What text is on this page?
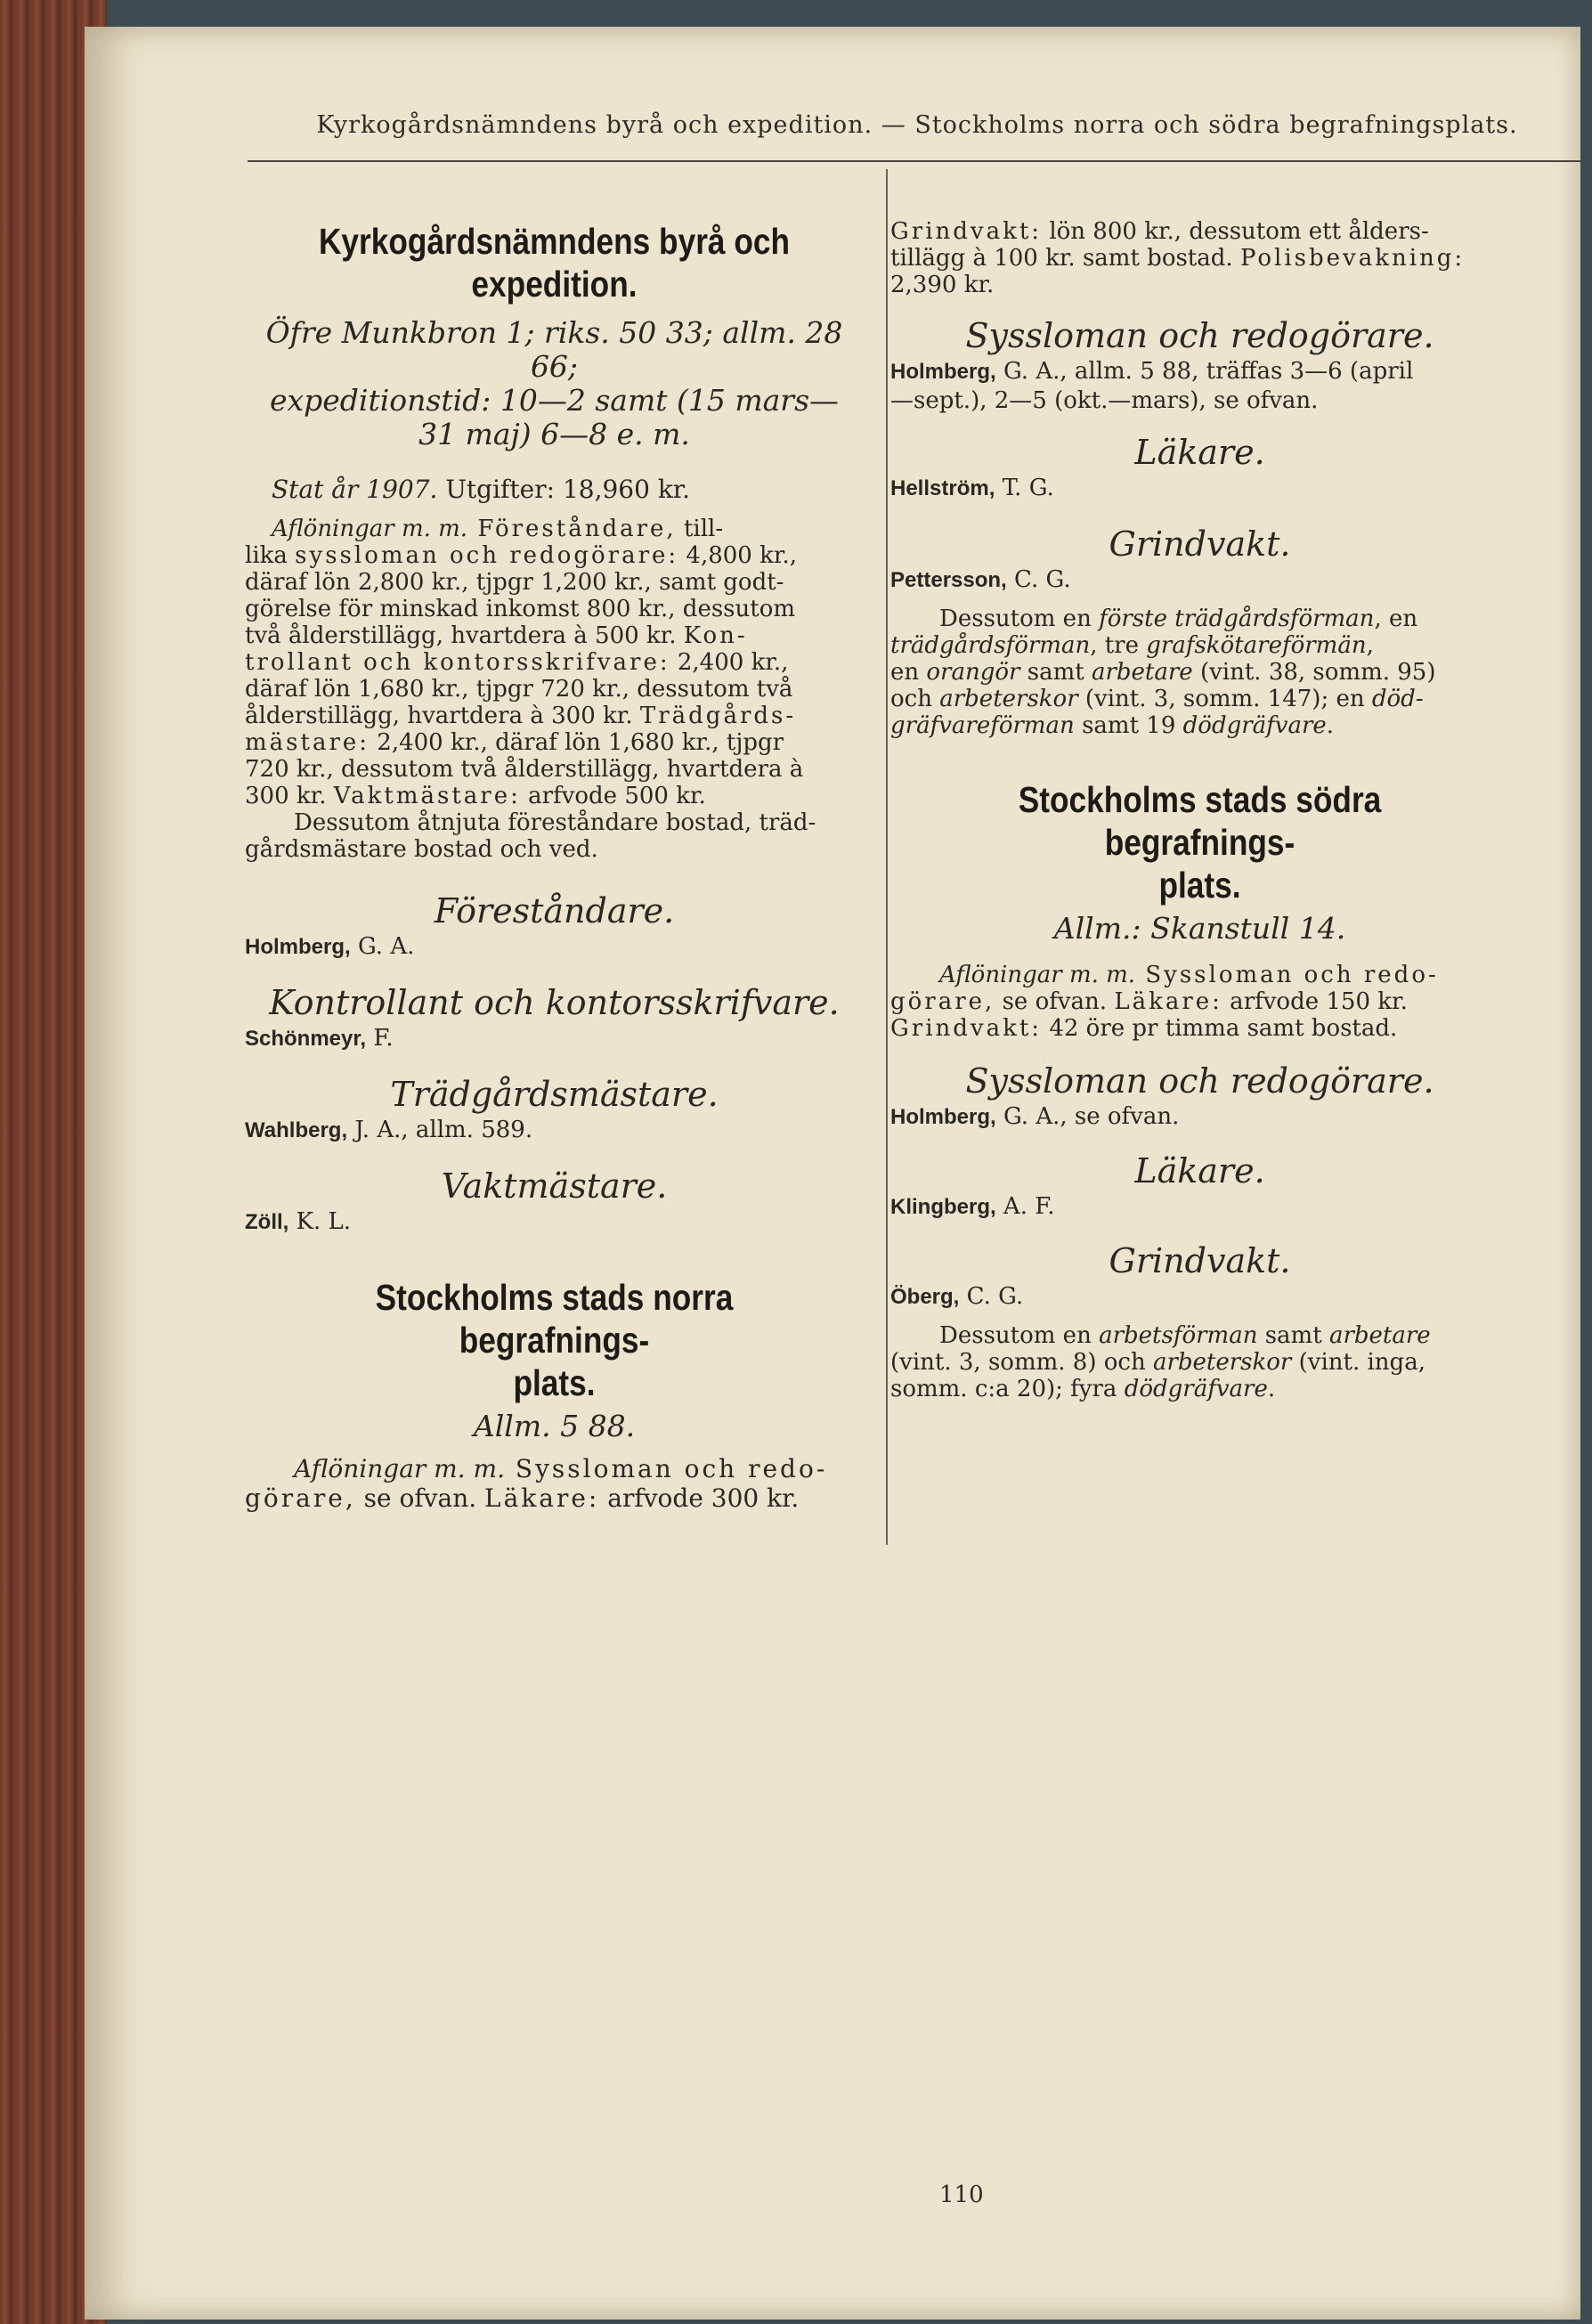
Kyrkogårdsnämndens byrå och expedition. — Stockholms norra och södra begrafningsplats.
Kyrkogårdsnämndens byrå och
expedition.

Öfre Munkbron 1; riks. 50 33; allm. 28 66;
expeditionstid: 10—2 samt (15 mars—
31 maj) 6—8 e. m.

Stat år 1907. Utgifter: 18,960 kr.

Aflöningar m. m. Föreståndare, till-
lika syssloman och redogörare: 4,800 kr.,
däraf lön 2,800 kr., tjpgr 1,200 kr., samt godt-
görelse för minskad inkomst 800 kr., dessutom
två ålderstillägg, hvartdera à 500 kr. Kon-
trollant och kontorsskrifvare: 2,400 kr.,
däraf lön 1,680 kr., tjpgr 720 kr., dessutom två
ålderstillägg, hvartdera à 300 kr. Trädgårds-
mästare: 2,400 kr., däraf lön 1,680 kr., tjpgr
720 kr., dessutom två ålderstillägg, hvartdera à
300 kr. Vaktmästare: arfvode 500 kr.

Dessutom åtnjuta föreståndare bostad, träd-
gårdsmästare bostad och ved.

Föreståndare.

Holmberg, G. A.

Kontrollant och kontorsskrifvare.

Schönmeyr, F.

Trädgårdsmästare.

Wahlberg, J. A., allm. 589.

Vaktmästare.

Zöll, K. L.

Stockholms stads norra begrafnings-
plats.

Allm. 5 88.

Aflöningar m. m. Syssloman och redo-
görare, se ofvan. Läkare: arfvode 300 kr.

Grindvakt: lön 800 kr., dessutom ett ålders-
tillägg à 100 kr. samt bostad. Polisbevakning:
2,390 kr.

Syssloman och redogörare.

Holmberg, G. A., allm. 5 88, träffas 3—6 (april
—sept.), 2—5 (okt.—mars), se ofvan.

Läkare.

Hellström, T. G.

Grindvakt.

Pettersson, C. G.

Dessutom en förste trädgårdsförman, en
trädgårdsförman, tre grafskötareförmän,
en orangör samt arbetare (vint. 38, somm. 95)
och arbeterskor (vint. 3, somm. 147); en död-
gräfvareförman samt 19 dödgräfvare.

Stockholms stads södra begrafnings-
plats.

Allm.: Skanstull 14.

Aflöningar m. m. Syssloman och redo-
görare, se ofvan. Läkare: arfvode 150 kr.
Grindvakt: 42 öre pr timma samt bostad.

Syssloman och redogörare.

Holmberg, G. A., se ofvan.

Läkare.

Klingberg, A. F.

Grindvakt.

Öberg, C. G.

Dessutom en arbetsförman samt arbetare
(vint. 3, somm. 8) och arbeterskor (vint. inga,
somm. c:a 20); fyra dödgräfvare.

110
